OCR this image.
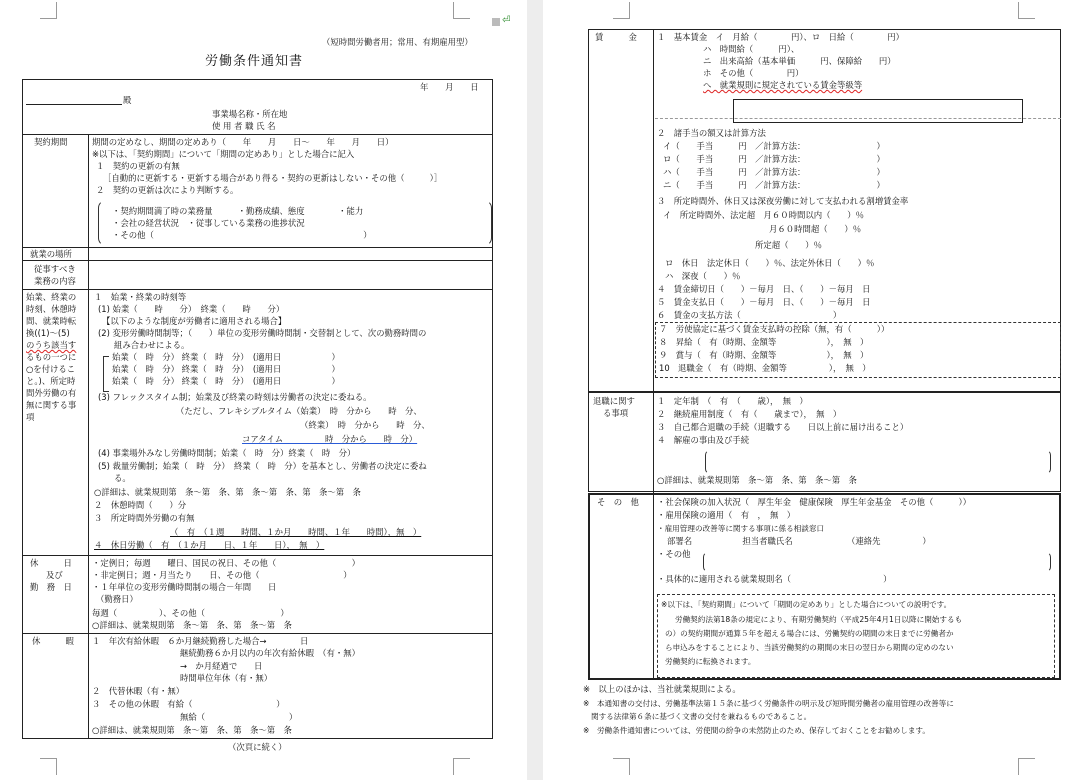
⏎
（短時間労働者用；常用、有期雇用型）
労働条件通知書
年　　月　　日
殿
事業場名称・所在地
使 用 者 職 氏 名
契約期間	期間の定めなし、期間の定めあり（　　年　　月　　日～　　年　　月　　日）
※以下は、「契約期間」について「期間の定めあり」とした場合に記入
１　契約の更新の有無
［自動的に更新する・更新する場合があり得る・契約の更新はしない・その他（　　　）］
２　契約の更新は次により判断する。
・契約期間満了時の業務量　　　・勤務成績、態度　　　　・能力
・会社の経営状況　・従事している業務の進捗状況
・その他（　　　　　　　　　　　　　　　　　　　　　　　　　）
就業の場所
従事すべき
業務の内容
始業、終業の
時刻、休憩時
間、就業時転
換((1)～(5)
のうち該当す
るもの一つに
○を付けるこ
と。)、所定時
間外労働の有
無に関する事
項
１　始業・終業の時刻等
(1) 始業（　　時　　分）　終業（　　時　　分）
【以下のような制度が労働者に適用される場合】
(2) 変形労働時間制等；（　　）単位の変形労働時間制・交替制として、次の勤務時間の
組み合わせによる。
始業（　時　分） 終業（　時　分）　(適用日　　　　　　）
始業（　時　分） 終業（　時　分）　(適用日　　　　　　）
始業（　時　分） 終業（　時　分）　(適用日　　　　　　）
(3) フレックスタイム制；始業及び終業の時刻は労働者の決定に委ねる。
（ただし、フレキシブルタイム（始業）　時　分から　　時　分、
（終業）　時　分から　　時　分、
コアタイム　　　　　時　分から　　時　分）
(4) 事業場外みなし労働時間制；始業（　時　分）終業（　時　分）
(5) 裁量労働制；始業（　時　分）　終業（　時　分）を基本とし、労働者の決定に委ね
る。
○詳細は、就業規則第　条～第　条、第　条～第　条、第　条～第　条
２　休憩時間（　　）分
３　所定時間外労働の有無
（　有　（１週　　時間、１か月　　時間、１年　　時間），無　）
４　休日労働（　有　（１か月　　日、１年　　日），　無　）
休　　　日
及び
勤　務　日
・定例日；毎週　　曜日、国民の祝日、その他（　　　　　　　　　）
・非定例日；週・月当たり　　日、その他（　　　　　　　　　　）
・１年単位の変形労働時間制の場合－年間　　日
（勤務日）
毎週（　　　　　）、その他（　　　　　　　　　）
○詳細は、就業規則第　条～第　条、第　条～第　条
休　　　暇 １　年次有給休暇　６か月継続勤務した場合→　　　　日
継続勤務６か月以内の年次有給休暇　（有・無）
→　か月経過で　　日
時間単位年休（有・無）
２　代替休暇（有・無）
３　その他の休暇　有給（　　　　　　　　　　）
無給（　　　　　　　　　　）
○詳細は、就業規則第　条～第　条、第　条～第　条
（次頁に続く）
賃　　　金 １　基本賃金　イ　月給（　　　　円）、ロ　日給（　　　　円）
ハ　時間給（　　　円）、
ニ　出来高給（基本単価　　　円、保障給　　円）
ホ　その他（　　　　円）
へ　就業規則に規定されている賃金等級等
２　諸手当の額又は計算方法
イ（　　手当　　　円　／計算方法：　　　　　　　　　）
ロ（　　手当　　　円　／計算方法：　　　　　　　　　）
ハ（　　手当　　　円　／計算方法：　　　　　　　　　）
ニ（　　手当　　　円　／計算方法：　　　　　　　　　）
３　所定時間外、休日又は深夜労働に対して支払われる割増賃金率
イ　所定時間外、法定超　月６０時間以内（　　）％
月６０時間超（　　）％
所定超（　　）％
ロ　休日　法定休日（　　）％、法定外休日（　　）％
ハ　深夜（　　）％
４　賃金締切日（　　）－毎月　日、（　　）－毎月　日
５　賃金支払日（　　）－毎月　日、（　　）－毎月　日
６　賃金の支払方法（　　　　　　　　　　　）
７　労使協定に基づく賃金支払時の控除（無，有（　　　））
８　昇給（　有（時期、金額等　　　　　　），　無　）
９　賞与（　有（時期、金額等　　　　　　），　無　）
10　退職金（　有（時期、金額等　　　　　），　無　）
退職に関す
る事項
１　定年制　（　有　（　　歳），　無　）
２　継続雇用制度（　有（　　歳まで），　無　）
３　自己都合退職の手続（退職する　　日以上前に届け出ること）
４　解雇の事由及び手続
○詳細は、就業規則第　条～第　条、第　条～第　条
そ　の　他 ・社会保険の加入状況（　厚生年金　健康保険　厚生年金基金　その他（　　　））
・雇用保険の適用（　有　，　無　）
・雇用管理の改善等に関する事項に係る相談窓口
部署名　　　　　　担当者職氏名　　　　　　　（連絡先　　　　　）
・その他
・具体的に適用される就業規則名（　　　　　　　　　　　）
※以下は、「契約期間」について「期間の定めあり」とした場合についての説明です。
労働契約法第18条の規定により、有期労働契約（平成25年4月1日以降に開始するも
の）の契約期間が通算５年を超える場合には、労働契約の期間の末日までに労働者か
ら申込みをすることにより、当該労働契約の期間の末日の翌日から期間の定めのない
労働契約に転換されます。
※　以上のほかは、当社就業規則による。
※　本通知書の交付は、労働基準法第１５条に基づく労働条件の明示及び短時間労働者の雇用管理の改善等に
関する法律第６条に基づく文書の交付を兼ねるものであること。
※　労働条件通知書については、労使間の紛争の未然防止のため、保存しておくことをお勧めします。
